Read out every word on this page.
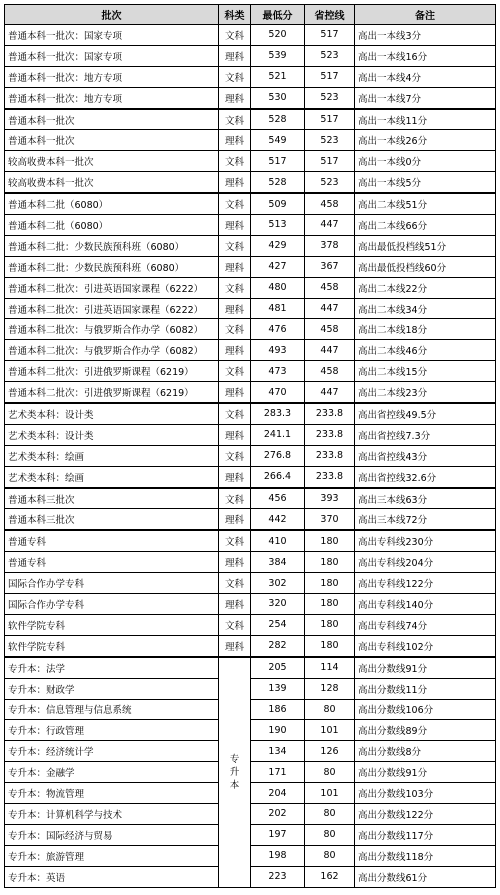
批次	科类	最低分	省控线	备注
普通本科一批次：国家专项	文科	520	517	高出一本线3分
普通本科一批次：国家专项	理科	539	523	高出一本线16分
普通本科一批次：地方专项	文科	521	517	高出一本线4分
普通本科一批次：地方专项	理科	530	523	高出一本线7分
普通本科一批次	文科	528	517	高出一本线11分
普通本科一批次	理科	549	523	高出一本线26分
较高收费本科一批次	文科	517	517	高出一本线0分
较高收费本科一批次	理科	528	523	高出一本线5分
普通本科二批（6080）	文科	509	458	高出二本线51分
普通本科二批（6080）	理科	513	447	高出二本线66分
普通本科二批：少数民族预科班（6080）	文科	429	378	高出最低投档线51分
普通本科二批：少数民族预科班（6080）	理科	427	367	高出最低投档线60分
普通本科二批次：引进英语国家课程（6222）	文科	480	458	高出二本线22分
普通本科二批次：引进英语国家课程（6222）	理科	481	447	高出二本线34分
普通本科二批次：与俄罗斯合作办学（6082）	文科	476	458	高出二本线18分
普通本科二批次：与俄罗斯合作办学（6082）	理科	493	447	高出二本线46分
普通本科二批次：引进俄罗斯课程（6219）	文科	473	458	高出二本线15分
普通本科二批次：引进俄罗斯课程（6219）	理科	470	447	高出二本线23分
艺术类本科：设计类	文科	283.3	233.8	高出省控线49.5分
艺术类本科：设计类	理科	241.1	233.8	高出省控线7.3分
艺术类本科：绘画	文科	276.8	233.8	高出省控线43分
艺术类本科：绘画	理科	266.4	233.8	高出省控线32.6分
普通本科三批次	文科	456	393	高出三本线63分
普通本科三批次	理科	442	370	高出三本线72分
普通专科	文科	410	180	高出专科线230分
普通专科	理科	384	180	高出专科线204分
国际合作办学专科	文科	302	180	高出专科线122分
国际合作办学专科	理科	320	180	高出专科线140分
软件学院专科	文科	254	180	高出专科线74分
软件学院专科	理科	282	180	高出专科线102分
专升本：法学	专升本	205	114	高出分数线91分
专升本：财政学		139	128	高出分数线11分
专升本：信息管理与信息系统		186	80	高出分数线106分
专升本：行政管理		190	101	高出分数线89分
专升本：经济统计学		134	126	高出分数线8分
专升本：金融学		171	80	高出分数线91分
专升本：物流管理		204	101	高出分数线103分
专升本：计算机科学与技术		202	80	高出分数线122分
专升本：国际经济与贸易		197	80	高出分数线117分
专升本：旅游管理		198	80	高出分数线118分
专升本：英语		223	162	高出分数线61分
